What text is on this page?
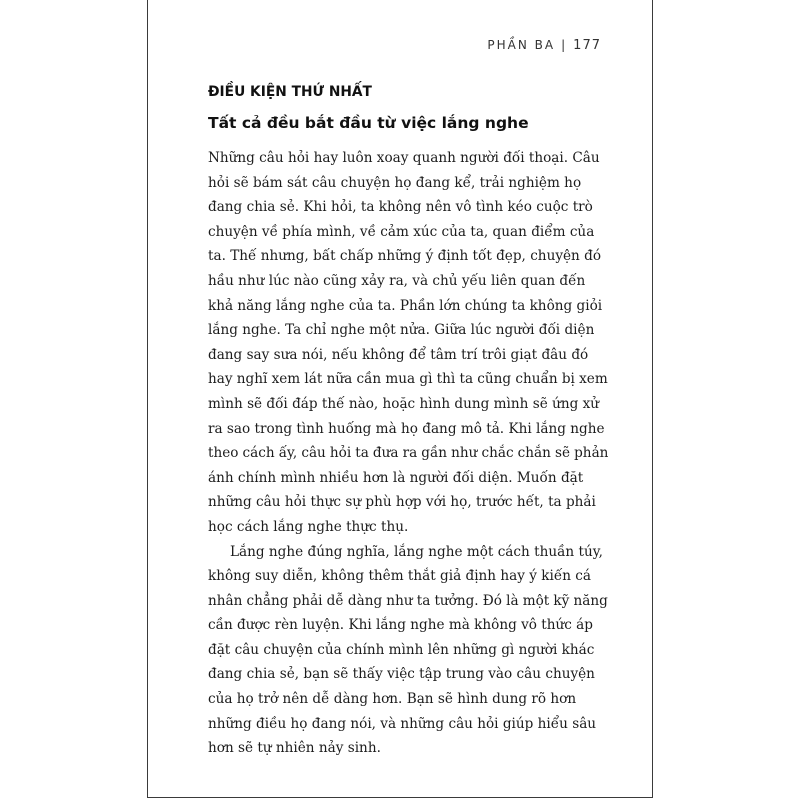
PHẦN BA | 177
ĐIỀU KIỆN THỨ NHẤT
Tất cả đều bắt đầu từ việc lắng nghe
Những câu hỏi hay luôn xoay quanh người đối thoại. Câu
hỏi sẽ bám sát câu chuyện họ đang kể, trải nghiệm họ
đang chia sẻ. Khi hỏi, ta không nên vô tình kéo cuộc trò
chuyện về phía mình, về cảm xúc của ta, quan điểm của
ta. Thế nhưng, bất chấp những ý định tốt đẹp, chuyện đó
hầu như lúc nào cũng xảy ra, và chủ yếu liên quan đến
khả năng lắng nghe của ta. Phần lớn chúng ta không giỏi
lắng nghe. Ta chỉ nghe một nửa. Giữa lúc người đối diện
đang say sưa nói, nếu không để tâm trí trôi giạt đâu đó
hay nghĩ xem lát nữa cần mua gì thì ta cũng chuẩn bị xem
mình sẽ đối đáp thế nào, hoặc hình dung mình sẽ ứng xử
ra sao trong tình huống mà họ đang mô tả. Khi lắng nghe
theo cách ấy, câu hỏi ta đưa ra gần như chắc chắn sẽ phản
ánh chính mình nhiều hơn là người đối diện. Muốn đặt
những câu hỏi thực sự phù hợp với họ, trước hết, ta phải
học cách lắng nghe thực thụ.
Lắng nghe đúng nghĩa, lắng nghe một cách thuần túy,
không suy diễn, không thêm thắt giả định hay ý kiến cá
nhân chẳng phải dễ dàng như ta tưởng. Đó là một kỹ năng
cần được rèn luyện. Khi lắng nghe mà không vô thức áp
đặt câu chuyện của chính mình lên những gì người khác
đang chia sẻ, bạn sẽ thấy việc tập trung vào câu chuyện
của họ trở nên dễ dàng hơn. Bạn sẽ hình dung rõ hơn
những điều họ đang nói, và những câu hỏi giúp hiểu sâu
hơn sẽ tự nhiên nảy sinh.
